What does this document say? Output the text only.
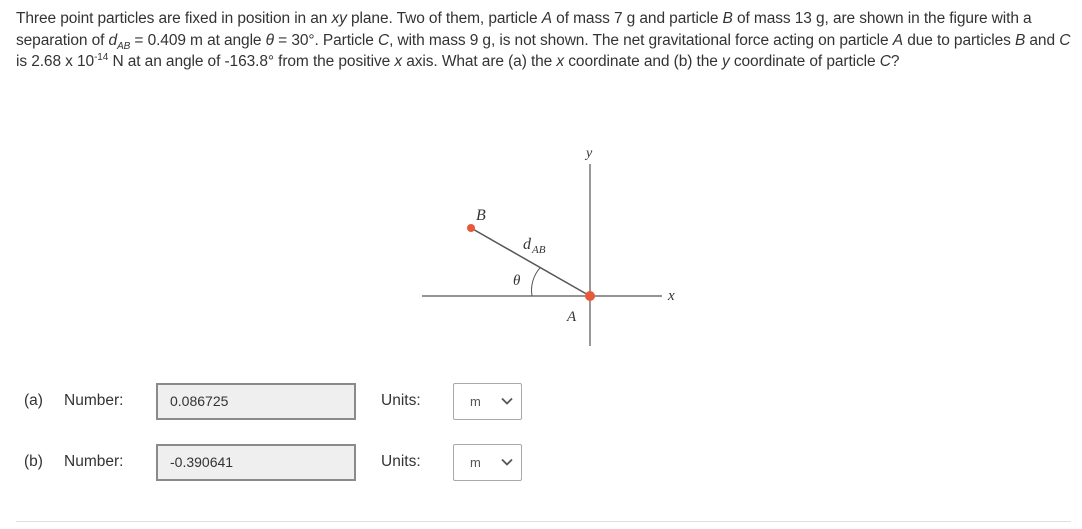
Three point particles are fixed in position in an xy plane. Two of them, particle A of mass 7 g and particle B of mass 13 g, are shown in the figure with a separation of $d_{AB} = 0.409$ m at angle θ = 30°. Particle C, with mass 9 g, is not shown. The net gravitational force acting on particle A due to particles B and C is 2.68 x $10^{-14}$ N at an angle of -163.8° from the positive x axis. What are (a) the x coordinate and (b) the y coordinate of particle C?
B
A
y
x
d AB
θ
(a)	Number:	0.086725	Units:	m
(b)	Number:	-0.390641	Units:	m
